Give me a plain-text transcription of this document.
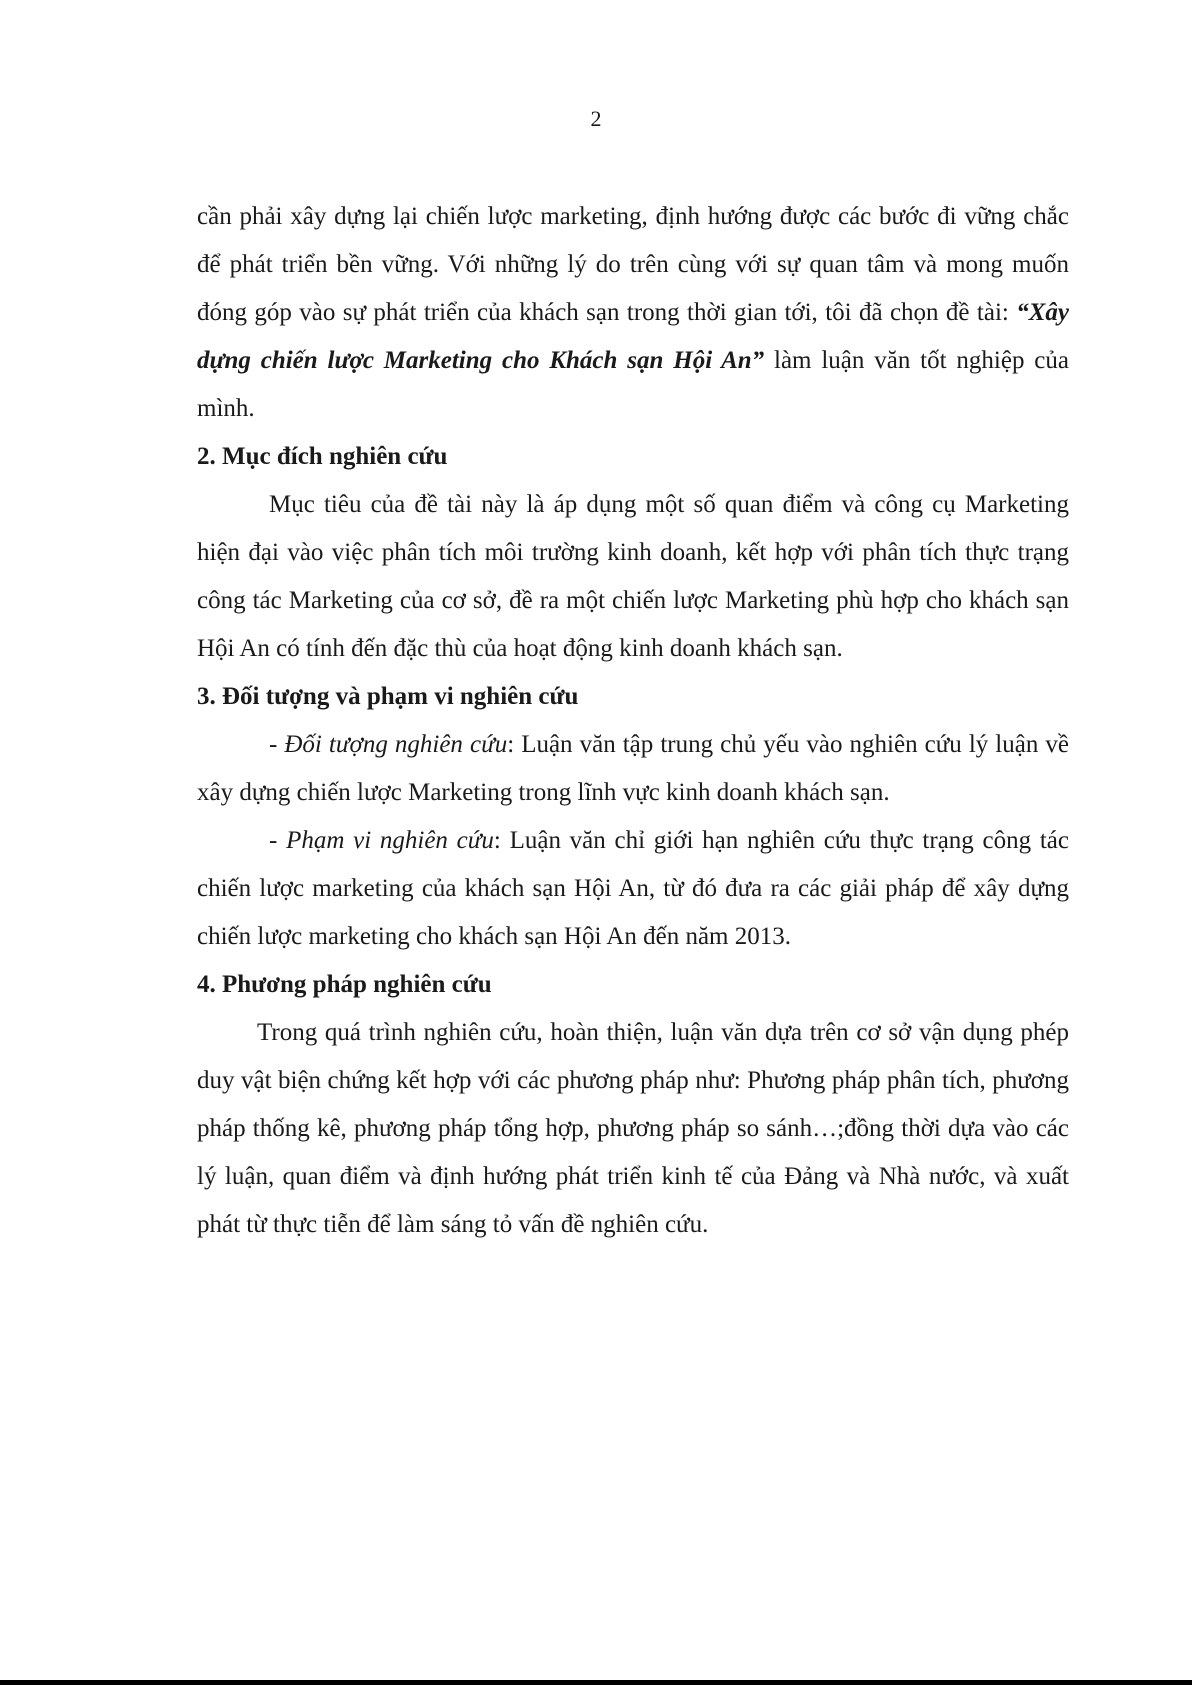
2

cần phải xây dựng lại chiến lược marketing, định hướng được các bước đi vững chắc để phát triển bền vững. Với những lý do trên cùng với sự quan tâm và mong muốn đóng góp vào sự phát triển của khách sạn trong thời gian tới, tôi đã chọn đề tài: “Xây dựng chiến lược Marketing cho Khách sạn Hội An” làm luận văn tốt nghiệp của mình.

2. Mục đích nghiên cứu

Mục tiêu của đề tài này là áp dụng một số quan điểm và công cụ Marketing hiện đại vào việc phân tích môi trường kinh doanh, kết hợp với phân tích thực trạng công tác Marketing của cơ sở, đề ra một chiến lược Marketing phù hợp cho khách sạn Hội An có tính đến đặc thù của hoạt động kinh doanh khách sạn.

3. Đối tượng và phạm vi nghiên cứu

- Đối tượng nghiên cứu: Luận văn tập trung chủ yếu vào nghiên cứu lý luận về xây dựng chiến lược Marketing trong lĩnh vực kinh doanh khách sạn.

- Phạm vi nghiên cứu: Luận văn chỉ giới hạn nghiên cứu thực trạng công tác chiến lược marketing của khách sạn Hội An, từ đó đưa ra các giải pháp để xây dựng chiến lược marketing cho khách sạn Hội An đến năm 2013.

4. Phương pháp nghiên cứu

Trong quá trình nghiên cứu, hoàn thiện, luận văn dựa trên cơ sở vận dụng phép duy vật biện chứng kết hợp với các phương pháp như: Phương pháp phân tích, phương pháp thống kê, phương pháp tổng hợp, phương pháp so sánh…;đồng thời dựa vào các lý luận, quan điểm và định hướng phát triển kinh tế của Đảng và Nhà nước, và xuất phát từ thực tiễn để làm sáng tỏ vấn đề nghiên cứu.
